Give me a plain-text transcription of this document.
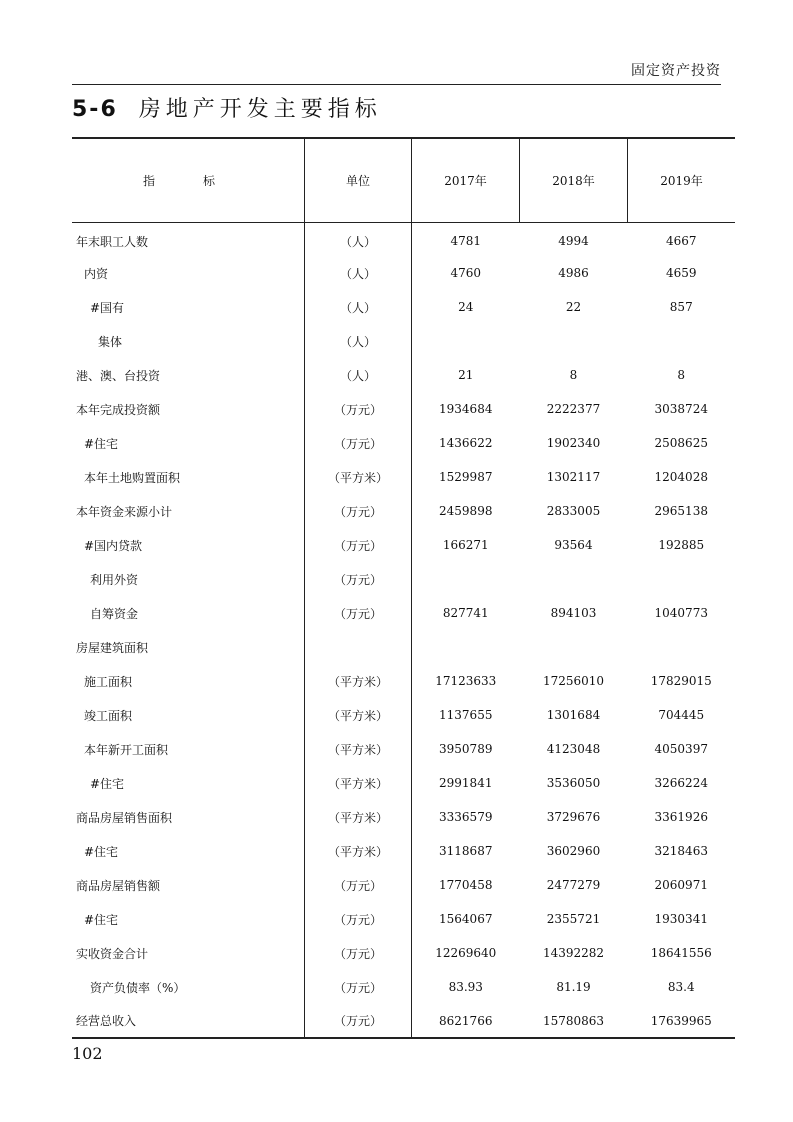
固定资产投资
5-6 房地产开发主要指标
指　标	单位	2017年	2018年	2019年
年末职工人数	（人）	4781	4994	4667
内资	（人）	4760	4986	4659
#国有	（人）	24	22	857
集体	（人）			
港、澳、台投资	（人）	21	8	8
本年完成投资额	（万元）	1934684	2222377	3038724
#住宅	（万元）	1436622	1902340	2508625
本年土地购置面积	（平方米）	1529987	1302117	1204028
本年资金来源小计	（万元）	2459898	2833005	2965138
#国内贷款	（万元）	166271	93564	192885
利用外资	（万元）			
自筹资金	（万元）	827741	894103	1040773
房屋建筑面积				
施工面积	（平方米）	17123633	17256010	17829015
竣工面积	（平方米）	1137655	1301684	704445
本年新开工面积	（平方米）	3950789	4123048	4050397
#住宅	（平方米）	2991841	3536050	3266224
商品房屋销售面积	（平方米）	3336579	3729676	3361926
#住宅	（平方米）	3118687	3602960	3218463
商品房屋销售额	（万元）	1770458	2477279	2060971
#住宅	（万元）	1564067	2355721	1930341
实收资金合计	（万元）	12269640	14392282	18641556
资产负债率（%）	（万元）	83.93	81.19	83.4
经营总收入	（万元）	8621766	15780863	17639965
102
